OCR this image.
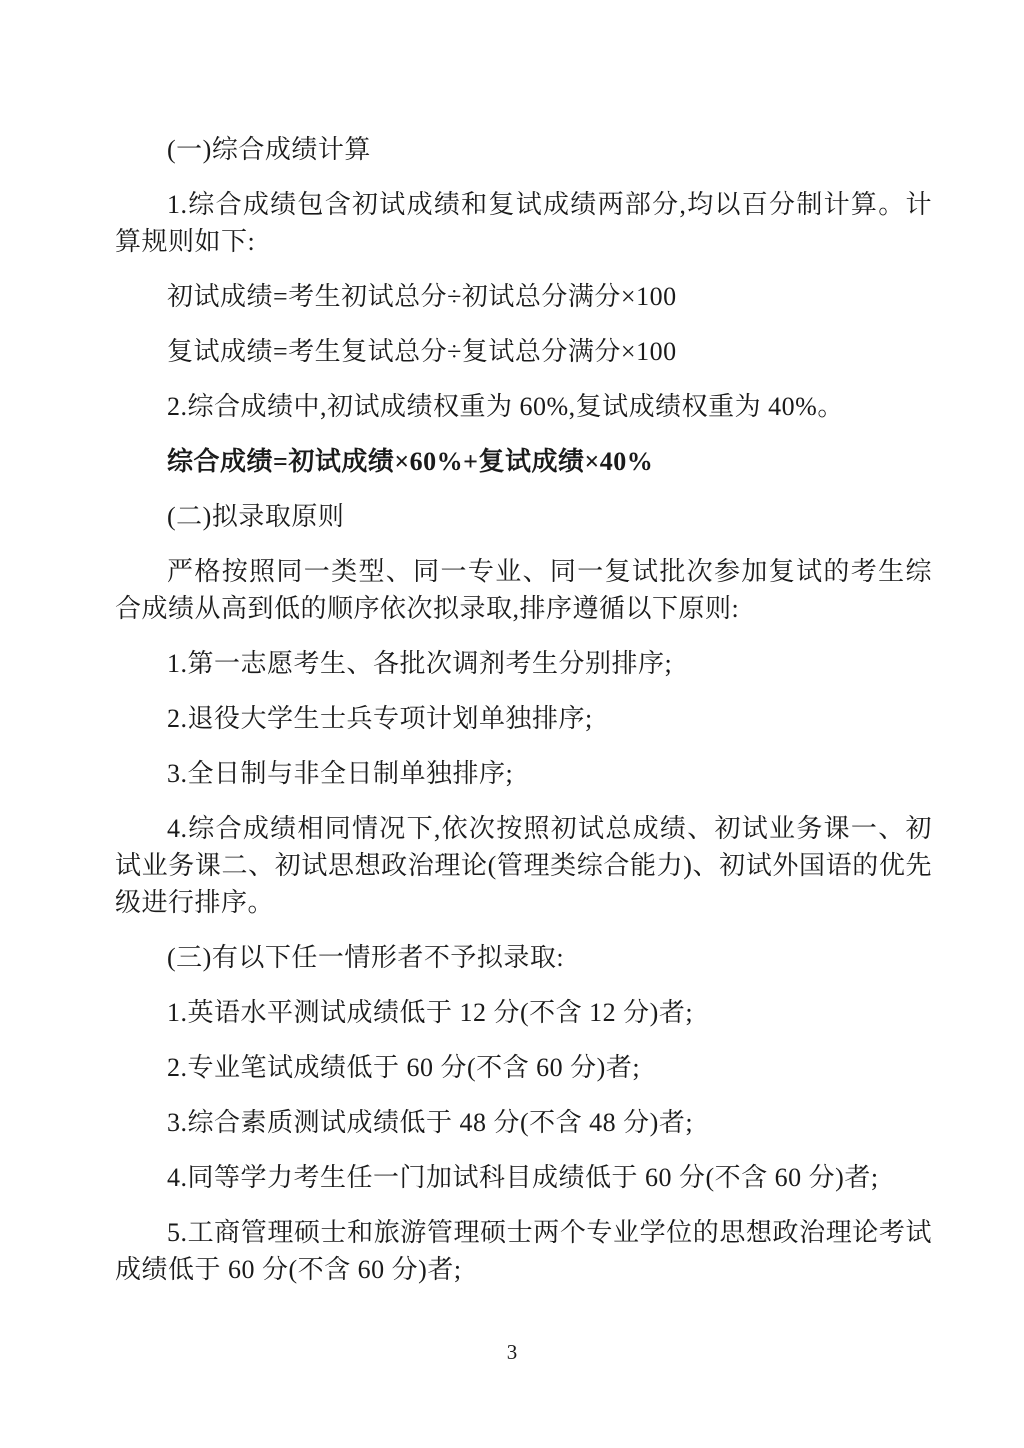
(一)综合成绩计算

1.综合成绩包含初试成绩和复试成绩两部分,均以百分制计算。计算规则如下:

初试成绩=考生初试总分÷初试总分满分×100

复试成绩=考生复试总分÷复试总分满分×100

2.综合成绩中,初试成绩权重为 60%,复试成绩权重为 40%。

综合成绩=初试成绩×60%+复试成绩×40%

(二)拟录取原则

严格按照同一类型、同一专业、同一复试批次参加复试的考生综合成绩从高到低的顺序依次拟录取,排序遵循以下原则:

1.第一志愿考生、各批次调剂考生分别排序;

2.退役大学生士兵专项计划单独排序;

3.全日制与非全日制单独排序;

4.综合成绩相同情况下,依次按照初试总成绩、初试业务课一、初试业务课二、初试思想政治理论(管理类综合能力)、初试外国语的优先级进行排序。

(三)有以下任一情形者不予拟录取:

1.英语水平测试成绩低于 12 分(不含 12 分)者;

2.专业笔试成绩低于 60 分(不含 60 分)者;

3.综合素质测试成绩低于 48 分(不含 48 分)者;

4.同等学力考生任一门加试科目成绩低于 60 分(不含 60 分)者;

5.工商管理硕士和旅游管理硕士两个专业学位的思想政治理论考试成绩低于 60 分(不含 60 分)者;

3
